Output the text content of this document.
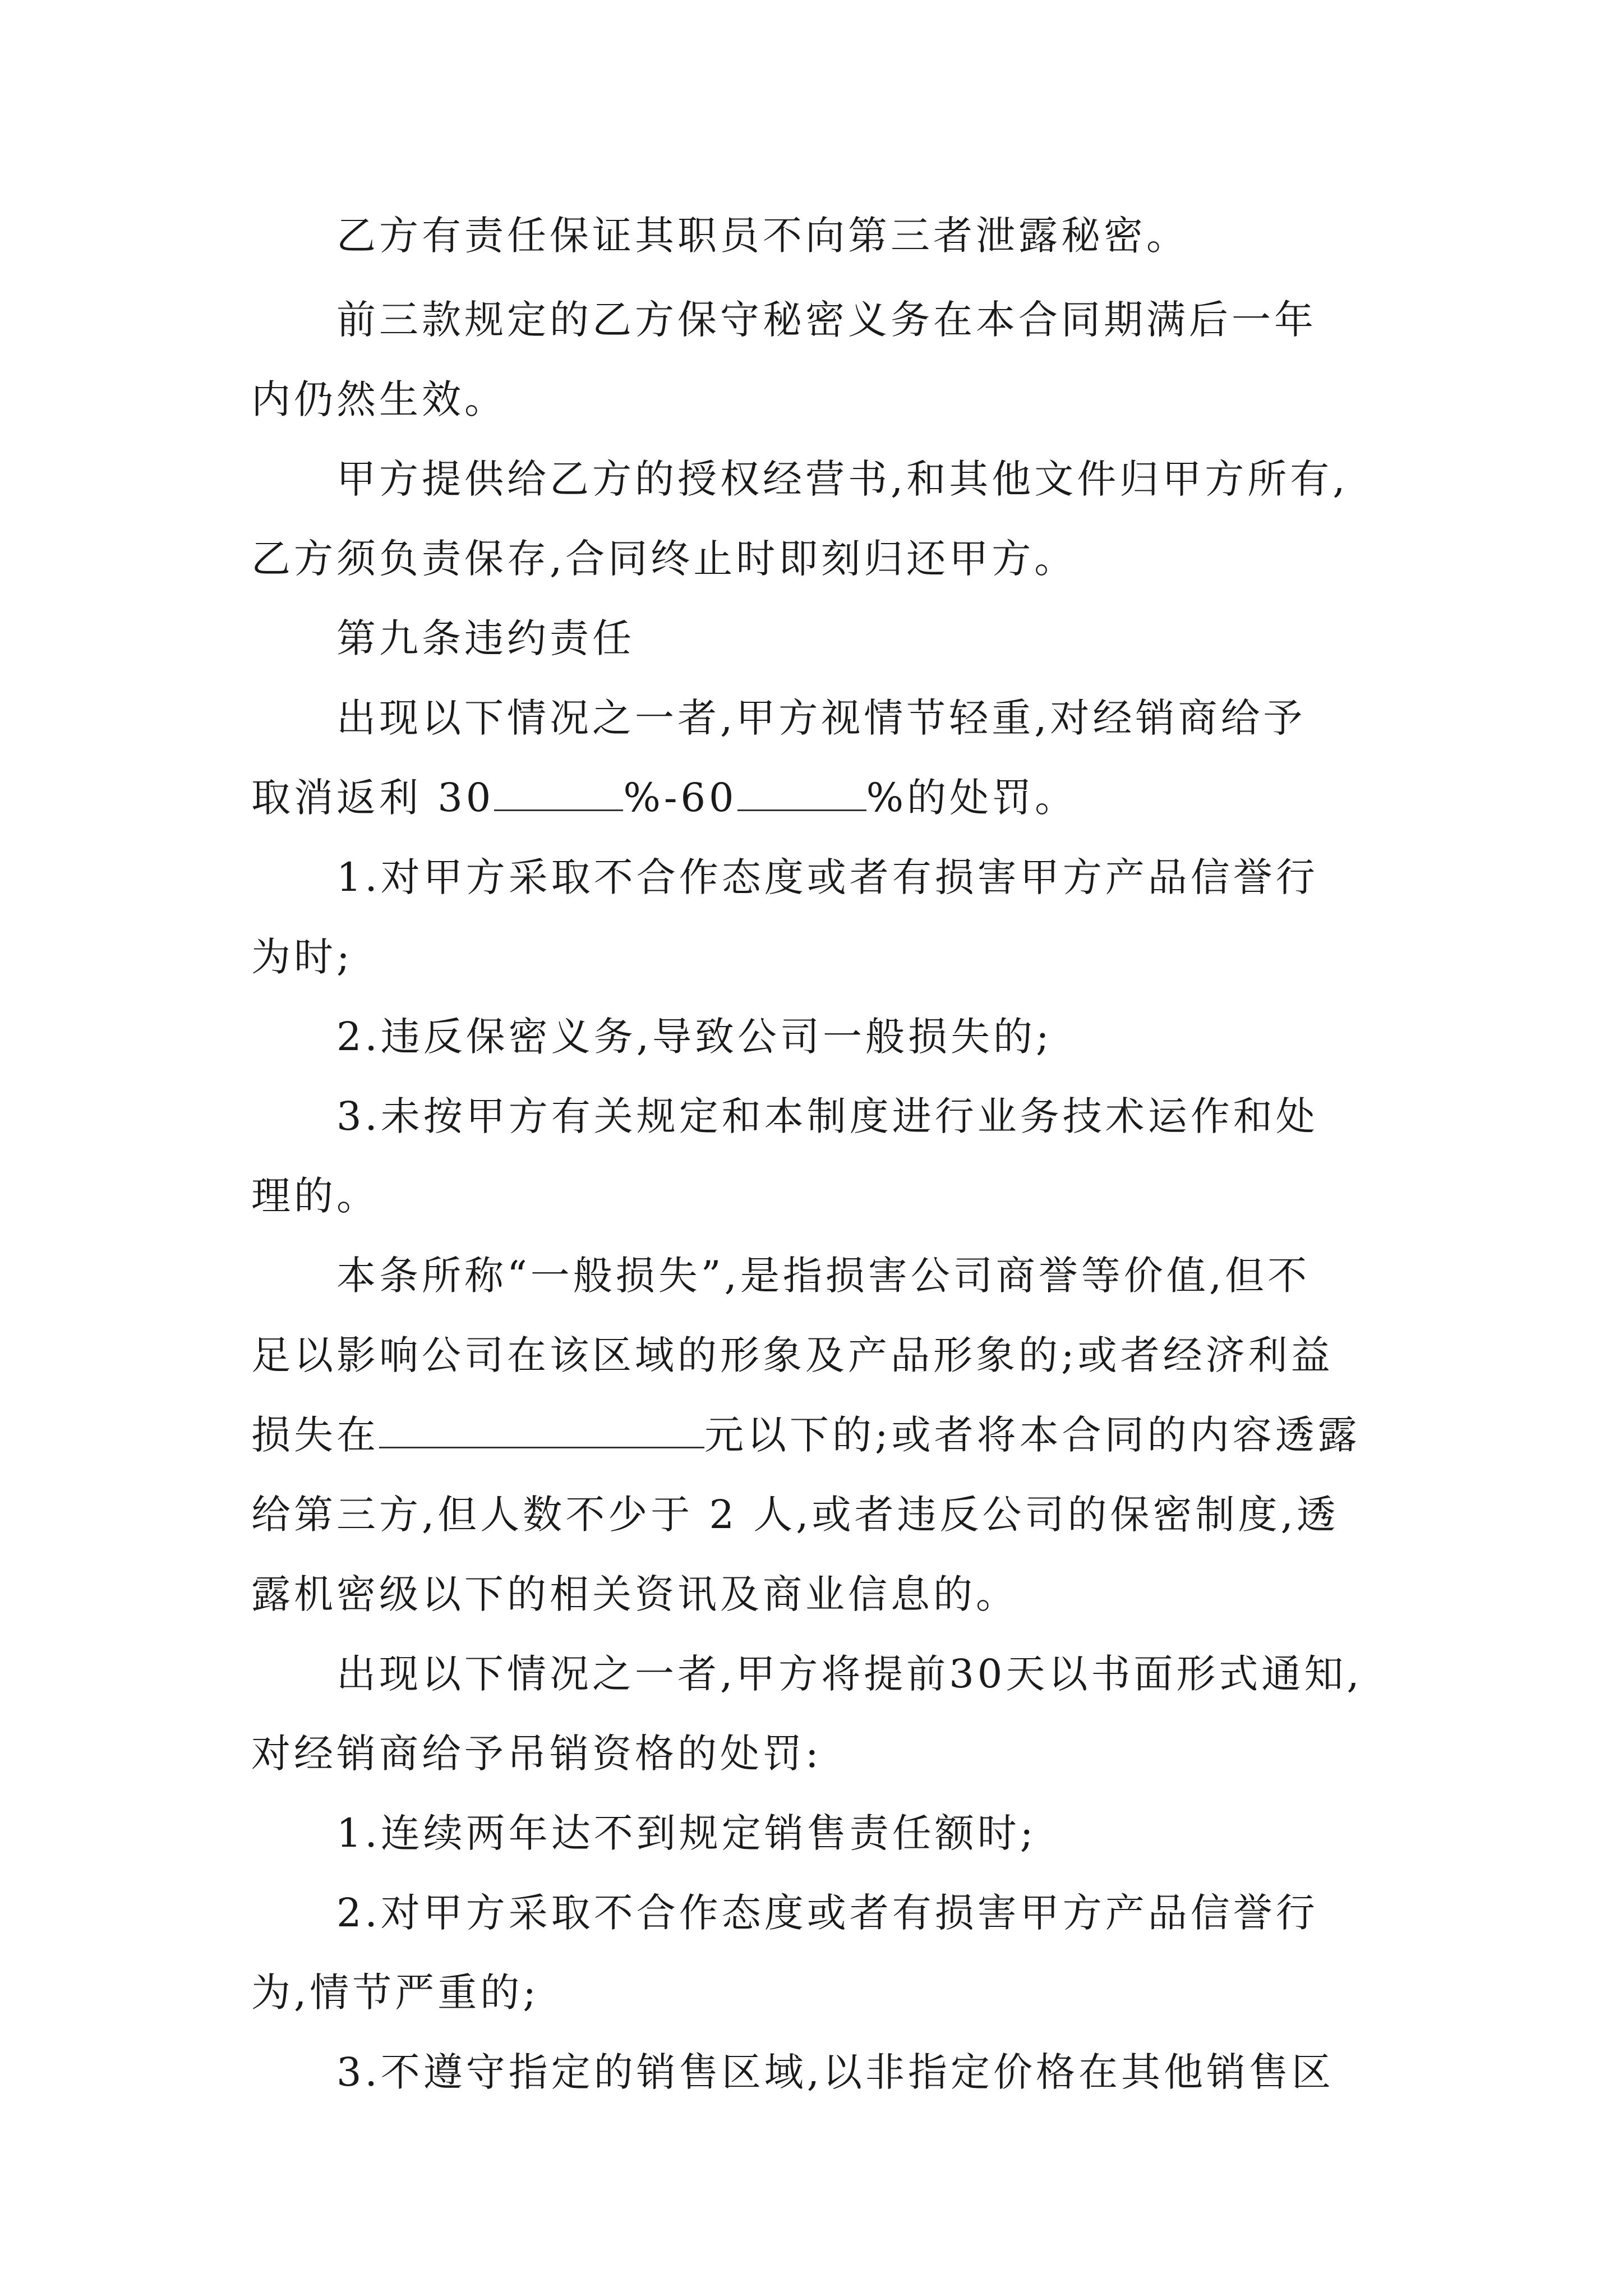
乙方有责任保证其职员不向第三者泄露秘密。

前三款规定的乙方保守秘密义务在本合同期满后一年

内仍然生效。

甲方提供给乙方的授权经营书,和其他文件归甲方所有,

乙方须负责保存,合同终止时即刻归还甲方。

第九条违约责任

出现以下情况之一者,甲方视情节轻重,对经销商给予

取消返利 30	%-60	%的处罚。

1.对甲方采取不合作态度或者有损害甲方产品信誉行

为时;

2.违反保密义务,导致公司一般损失的;

3.未按甲方有关规定和本制度进行业务技术运作和处

理的。

本条所称“一般损失”,是指损害公司商誉等价值,但不

足以影响公司在该区域的形象及产品形象的;或者经济利益

损失在	元以下的;或者将本合同的内容透露

给第三方,但人数不少于 2 人,或者违反公司的保密制度,透

露机密级以下的相关资讯及商业信息的。

出现以下情况之一者,甲方将提前30天以书面形式通知,

对经销商给予吊销资格的处罚:

1.连续两年达不到规定销售责任额时;

2.对甲方采取不合作态度或者有损害甲方产品信誉行

为,情节严重的;

3.不遵守指定的销售区域,以非指定价格在其他销售区
